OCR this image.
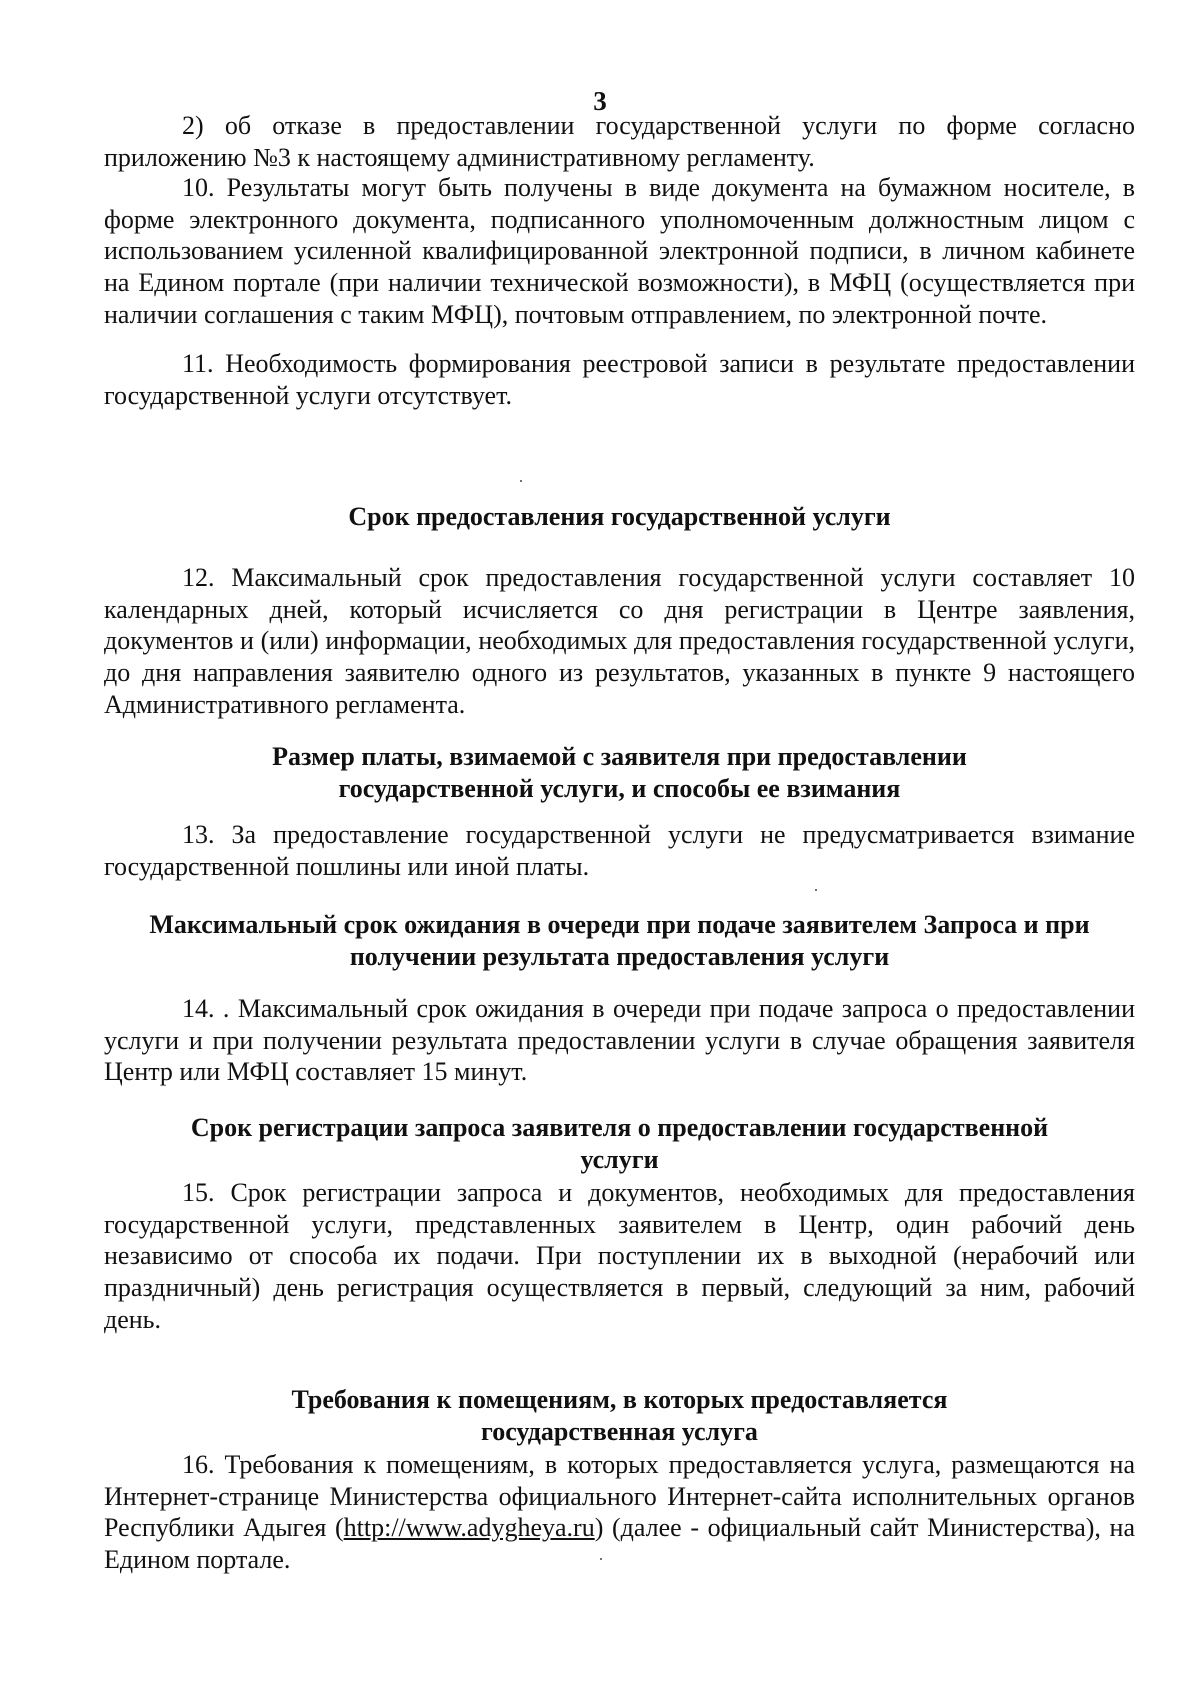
3

2) об отказе в предоставлении государственной услуги по форме согласно приложению №3 к настоящему административному регламенту.

10. Результаты могут быть получены в виде документа на бумажном носителе, в форме электронного документа, подписанного уполномоченным должностным лицом с использованием усиленной квалифицированной электронной подписи, в личном кабинете на Едином портале (при наличии технической возможности), в МФЦ (осуществляется при наличии соглашения с таким МФЦ), почтовым отправлением, по электронной почте.

11. Необходимость формирования реестровой записи в результате предоставлении государственной услуги отсутствует.

Срок предоставления государственной услуги

12. Максимальный срок предоставления государственной услуги составляет 10 календарных дней, который исчисляется со дня регистрации в Центре заявления, документов и (или) информации, необходимых для предоставления государственной услуги, до дня направления заявителю одного из результатов, указанных в пункте 9 настоящего Административного регламента.

Размер платы, взимаемой с заявителя при предоставлении
государственной услуги, и способы ее взимания

13. За предоставление государственной услуги не предусматривается взимание государственной пошлины или иной платы.

Максимальный срок ожидания в очереди при подаче заявителем Запроса и при
получении результата предоставления услуги

14. . Максимальный срок ожидания в очереди при подаче запроса о предоставлении услуги и при получении результата предоставлении услуги в случае обращения заявителя Центр или МФЦ составляет 15 минут.

Срок регистрации запроса заявителя о предоставлении государственной
услуги

15. Срок регистрации запроса и документов, необходимых для предоставления государственной услуги, представленных заявителем в Центр, один рабочий день независимо от способа их подачи. При поступлении их в выходной (нерабочий или праздничный) день регистрация осуществляется в первый, следующий за ним, рабочий день.

Требования к помещениям, в которых предоставляется
государственная услуга

16. Требования к помещениям, в которых предоставляется услуга, размещаются на Интернет-странице Министерства официального Интернет-сайта исполнительных органов Республики Адыгея (http://www.adygheya.ru) (далее - официальный сайт Министерства), на Едином портале.
